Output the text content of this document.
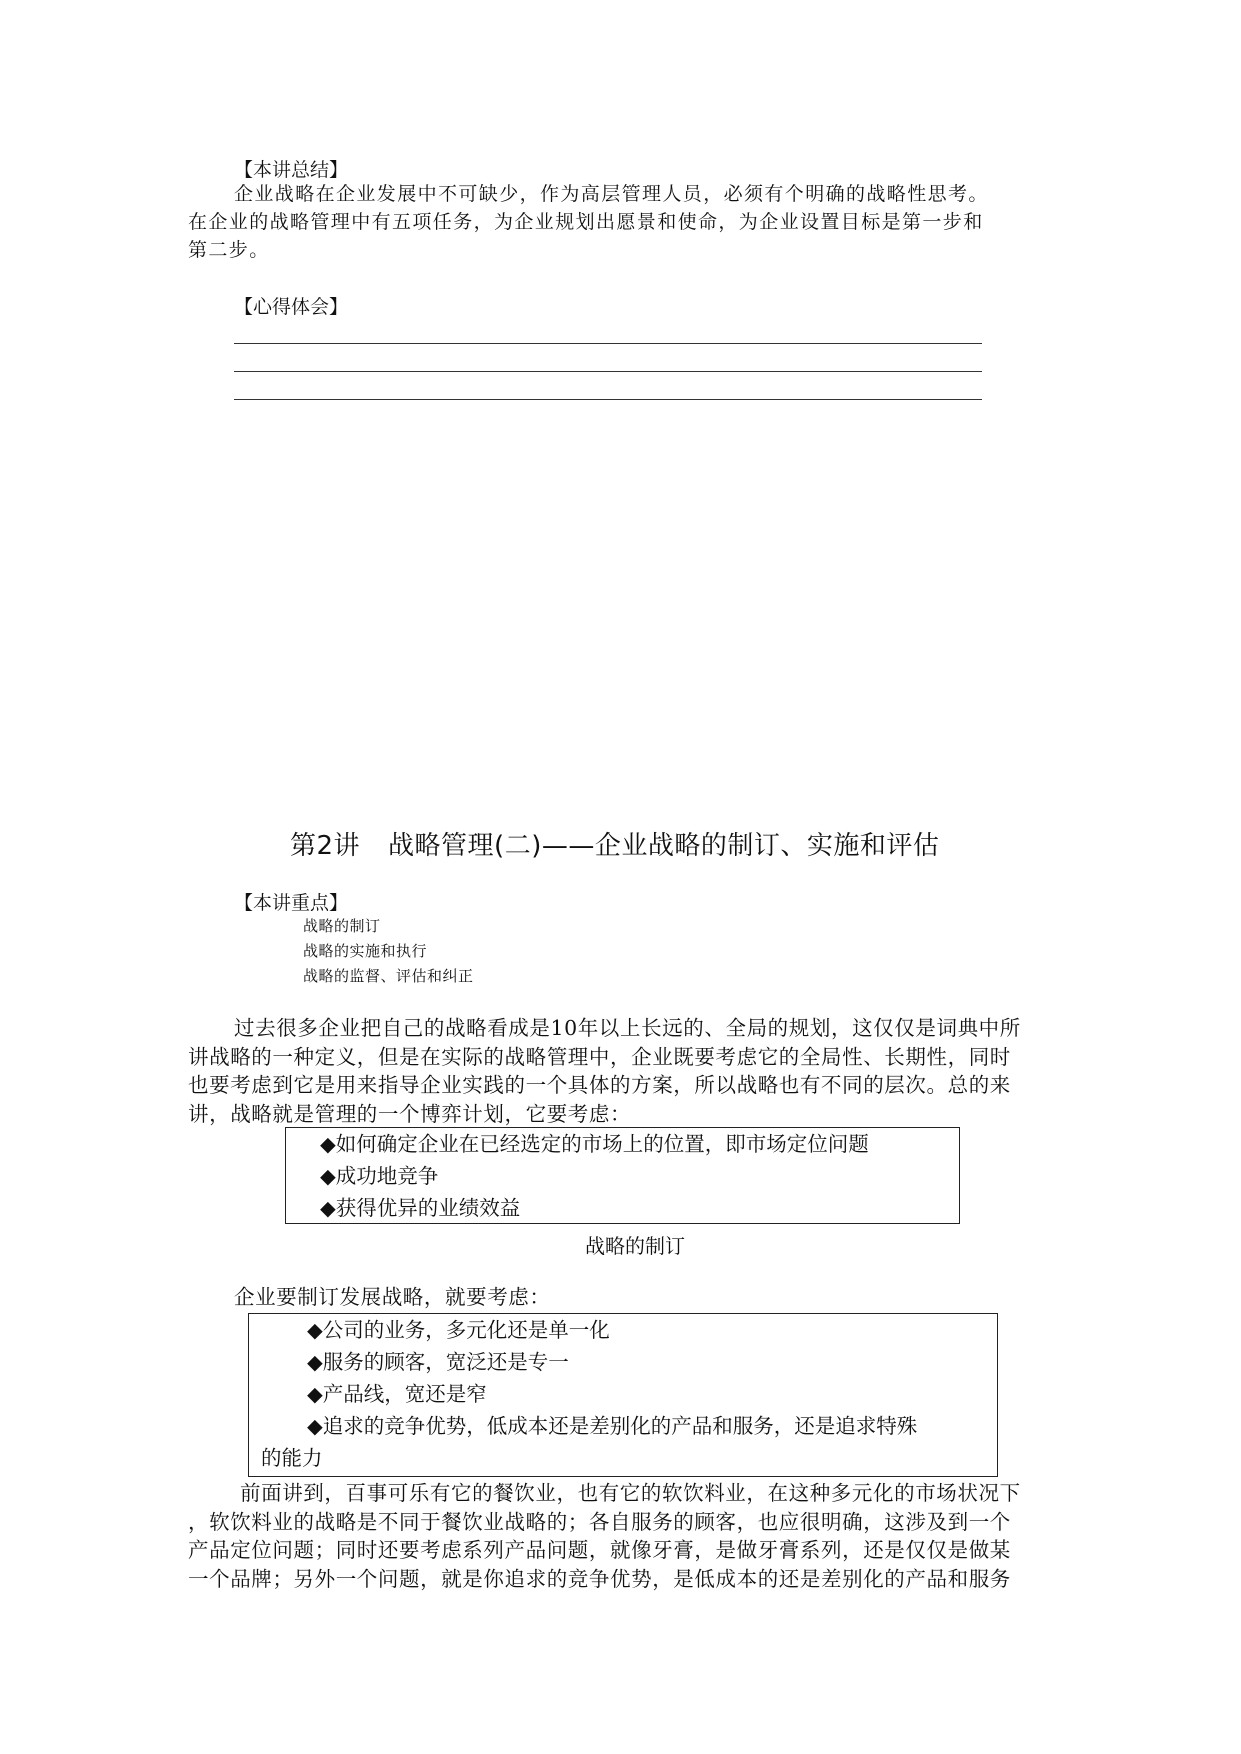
【本讲总结】

企业战略在企业发展中不可缺少，作为高层管理人员，必须有个明确的战略性思考。

在企业的战略管理中有五项任务，为企业规划出愿景和使命，为企业设置目标是第一步和

第二步。

【心得体会】
第2讲 战略管理(二)——企业战略的制订、实施和评估
【本讲重点】
战略的制订
战略的实施和执行
战略的监督、评估和纠正

过去很多企业把自己的战略看成是10年以上长远的、全局的规划，这仅仅是词典中所

讲战略的一种定义，但是在实际的战略管理中，企业既要考虑它的全局性、长期性，同时

也要考虑到它是用来指导企业实践的一个具体的方案，所以战略也有不同的层次。总的来

讲，战略就是管理的一个博弈计划，它要考虑：

◆如何确定企业在已经选定的市场上的位置，即市场定位问题
◆成功地竞争
◆获得优异的业绩效益
战略的制订

企业要制订发展战略，就要考虑：

◆公司的业务，多元化还是单一化
◆服务的顾客，宽泛还是专一
◆产品线，宽还是窄
◆追求的竞争优势，低成本还是差别化的产品和服务，还是追求特殊
的能力

前面讲到，百事可乐有它的餐饮业，也有它的软饮料业，在这种多元化的市场状况下

，软饮料业的战略是不同于餐饮业战略的；各自服务的顾客，也应很明确，这涉及到一个

产品定位问题；同时还要考虑系列产品问题，就像牙膏，是做牙膏系列，还是仅仅是做某

一个品牌；另外一个问题，就是你追求的竞争优势，是低成本的还是差别化的产品和服务
